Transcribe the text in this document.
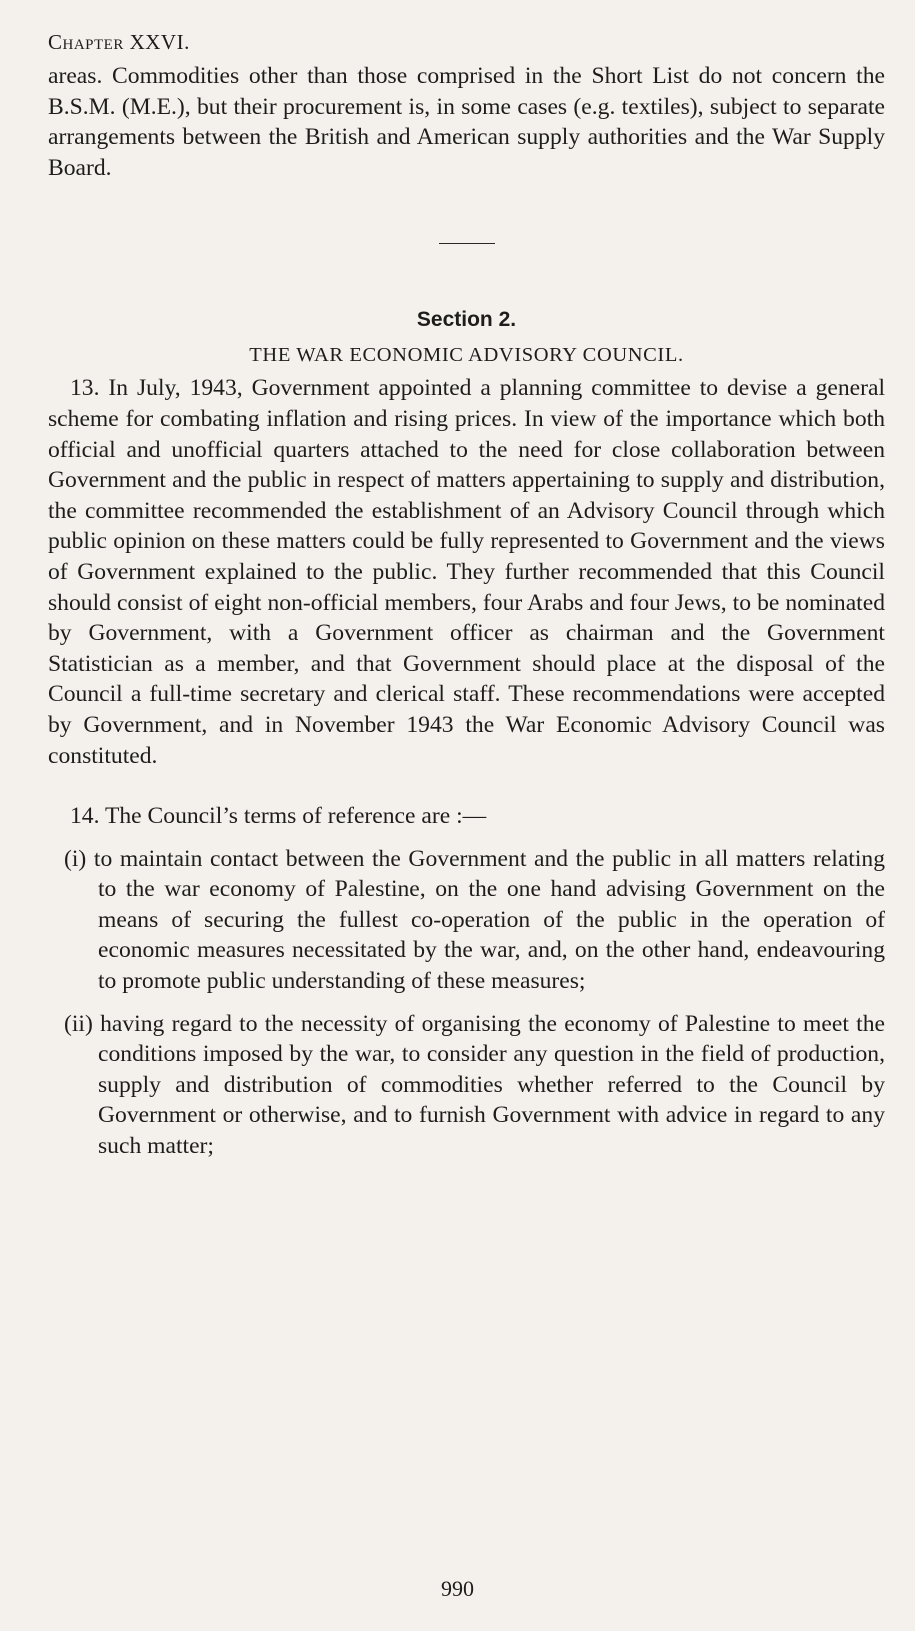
Chapter XXVI.

areas. Commodities other than those comprised in the Short List do not concern the B.S.M. (M.E.), but their procurement is, in some cases (e.g. textiles), subject to separate arrangements between the British and American supply authorities and the War Supply Board.

Section 2.
THE WAR ECONOMIC ADVISORY COUNCIL.

13. In July, 1943, Government appointed a planning committee to devise a general scheme for combating inflation and rising prices. In view of the importance which both official and unofficial quarters attached to the need for close collaboration between Government and the public in respect of matters appertaining to supply and distribution, the committee recommended the establishment of an Advisory Council through which public opinion on these matters could be fully represented to Government and the views of Government explained to the public. They further recommended that this Council should consist of eight non-official members, four Arabs and four Jews, to be nominated by Government, with a Government officer as chairman and the Government Statistician as a member, and that Government should place at the disposal of the Council a full-time secretary and clerical staff. These recommendations were accepted by Government, and in November 1943 the War Economic Advisory Council was constituted.

14. The Council’s terms of reference are :—

(i) to maintain contact between the Government and the public in all matters relating to the war economy of Palestine, on the one hand advising Government on the means of securing the fullest co-operation of the public in the operation of economic measures necessitated by the war, and, on the other hand, endeavouring to promote public understanding of these measures;

(ii) having regard to the necessity of organising the economy of Palestine to meet the conditions imposed by the war, to consider any question in the field of production, supply and distribution of commodities whether referred to the Council by Government or otherwise, and to furnish Government with advice in regard to any such matter;

990
